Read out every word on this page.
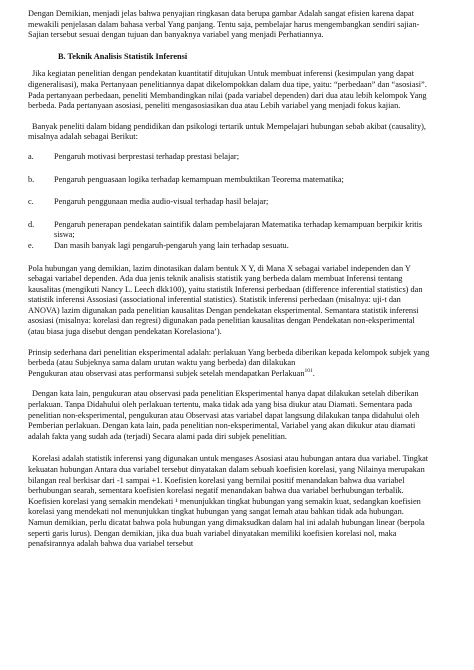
Dengan Demikian, menjadi jelas bahwa penyajian ringkasan data berupa gambar Adalah sangat efisien karena dapat mewakili penjelasan dalam bahasa verbal Yang panjang. Tentu saja, pembelajar harus mengembangkan sendiri sajian-Sajian tersebut sesuai dengan tujuan dan banyaknya variabel yang menjadi Perhatiannya.

B. Teknik Analisis Statistik Inferensi

Jika kegiatan penelitian dengan pendekatan kuantitatif ditujukan Untuk membuat inferensi (kesimpulan yang dapat digeneralisasi), maka Pertanyaan penelitiannya dapat dikelompokkan dalam dua tipe, yaitu: “perbedaan” dan “asosiasi”. Pada pertanyaan perbedaan, peneliti Membandingkan nilai (pada variabel dependen) dari dua atau lebih kelompok Yang berbeda. Pada pertanyaan asosiasi, peneliti mengasosiasikan dua atau Lebih variabel yang menjadi fokus kajian.

Banyak peneliti dalam bidang pendidikan dan psikologi tertarik untuk Mempelajari hubungan sebab akibat (causality), misalnya adalah sebagai Berikut:

a. Pengaruh motivasi berprestasi terhadap prestasi belajar;
b. Pengaruh penguasaan logika terhadap kemampuan membuktikan Teorema matematika;
c. Pengaruh penggunaan media audio-visual terhadap hasil belajar;
d. Pengaruh penerapan pendekatan saintifik dalam pembelajaran Matematika terhadap kemampuan berpikir kritis siswa;
e. Dan masih banyak lagi pengaruh-pengaruh yang lain terhadap sesuatu.

Pola hubungan yang demikian, lazim dinotasikan dalam bentuk X Y, di Mana X sebagai variabel independen dan Y sebagai variabel dependen. Ada dua jenis teknik analisis statistik yang berbeda dalam membuat Inferensi tentang kausalitas (mengikuti Nancy L. Leech dkk100), yaitu statistik Inferensi perbedaan (difference inferential statistics) dan statistik inferensi Assosiasi (associational inferential statistics). Statistik inferensi perbedaan (misalnya: uji-t dan ANOVA) lazim digunakan pada penelitian kausalitas Dengan pendekatan eksperimental. Semantara statistik inferensi asosiasi (misalnya: korelasi dan regresi) digunakan pada penelitian kausalitas dengan Pendekatan non-eksperimental (atau biasa juga disebut dengan pendekatan Korelasiona’).

Prinsip sederhana dari penelitian eksperimental adalah: perlakuan Yang berbeda diberikan kepada kelompok subjek yang berbeda (atau Subjeknya sama dalam urutan waktu yang berbeda) dan dilakukan

Pengukuran atau observasi atas performansi subjek setelah mendapatkan Perlakuan$^{101}$.

Dengan kata lain, pengukuran atau observasi pada penelitian Eksperimental hanya dapat dilakukan setelah diberikan perlakuan. Tanpa Didahului oleh perlakuan tertentu, maka tidak ada yang bisa diukur atau Diamati. Sementara pada penelitian non-eksperimental, pengukuran atau Observasi atas variabel dapat langsung dilakukan tanpa didahului oleh Pemberian perlakuan. Dengan kata lain, pada penelitian non-eksperimental, Variabel yang akan dikukur atau diamati adalah fakta yang sudah ada (terjadi) Secara alami pada diri subjek penelitian.

Korelasi adalah statistik inferensi yang digunakan untuk mengases Asosiasi atau hubungan antara dua variabel. Tingkat kekuatan hubungan Antara dua variabel tersebut dinyatakan dalam sebuah koefisien korelasi, yang Nilainya merupakan bilangan real berkisar dari -1 sampai +1. Koefisien korelasi yang bernilai positif menandakan bahwa dua variabel berhubungan searah, sementara koefisien korelasi negatif menandakan bahwa dua variabel berhubungan terbalik. Koefisien korelasi yang semakin mendekati ¹ menunjukkan tingkat hubungan yang semakin kuat, sedangkan koefisien korelasi yang mendekati nol menunjukkan tingkat hubungan yang sangat lemah atau bahkan tidak ada hubungan. Namun demikian, perlu dicatat bahwa pola hubungan yang dimaksudkan dalam hal ini adalah hubungan linear (berpola seperti garis lurus). Dengan demikian, jika dua buah variabel dinyatakan memiliki koefisien korelasi nol, maka penafsirannya adalah bahwa dua variabel tersebut
